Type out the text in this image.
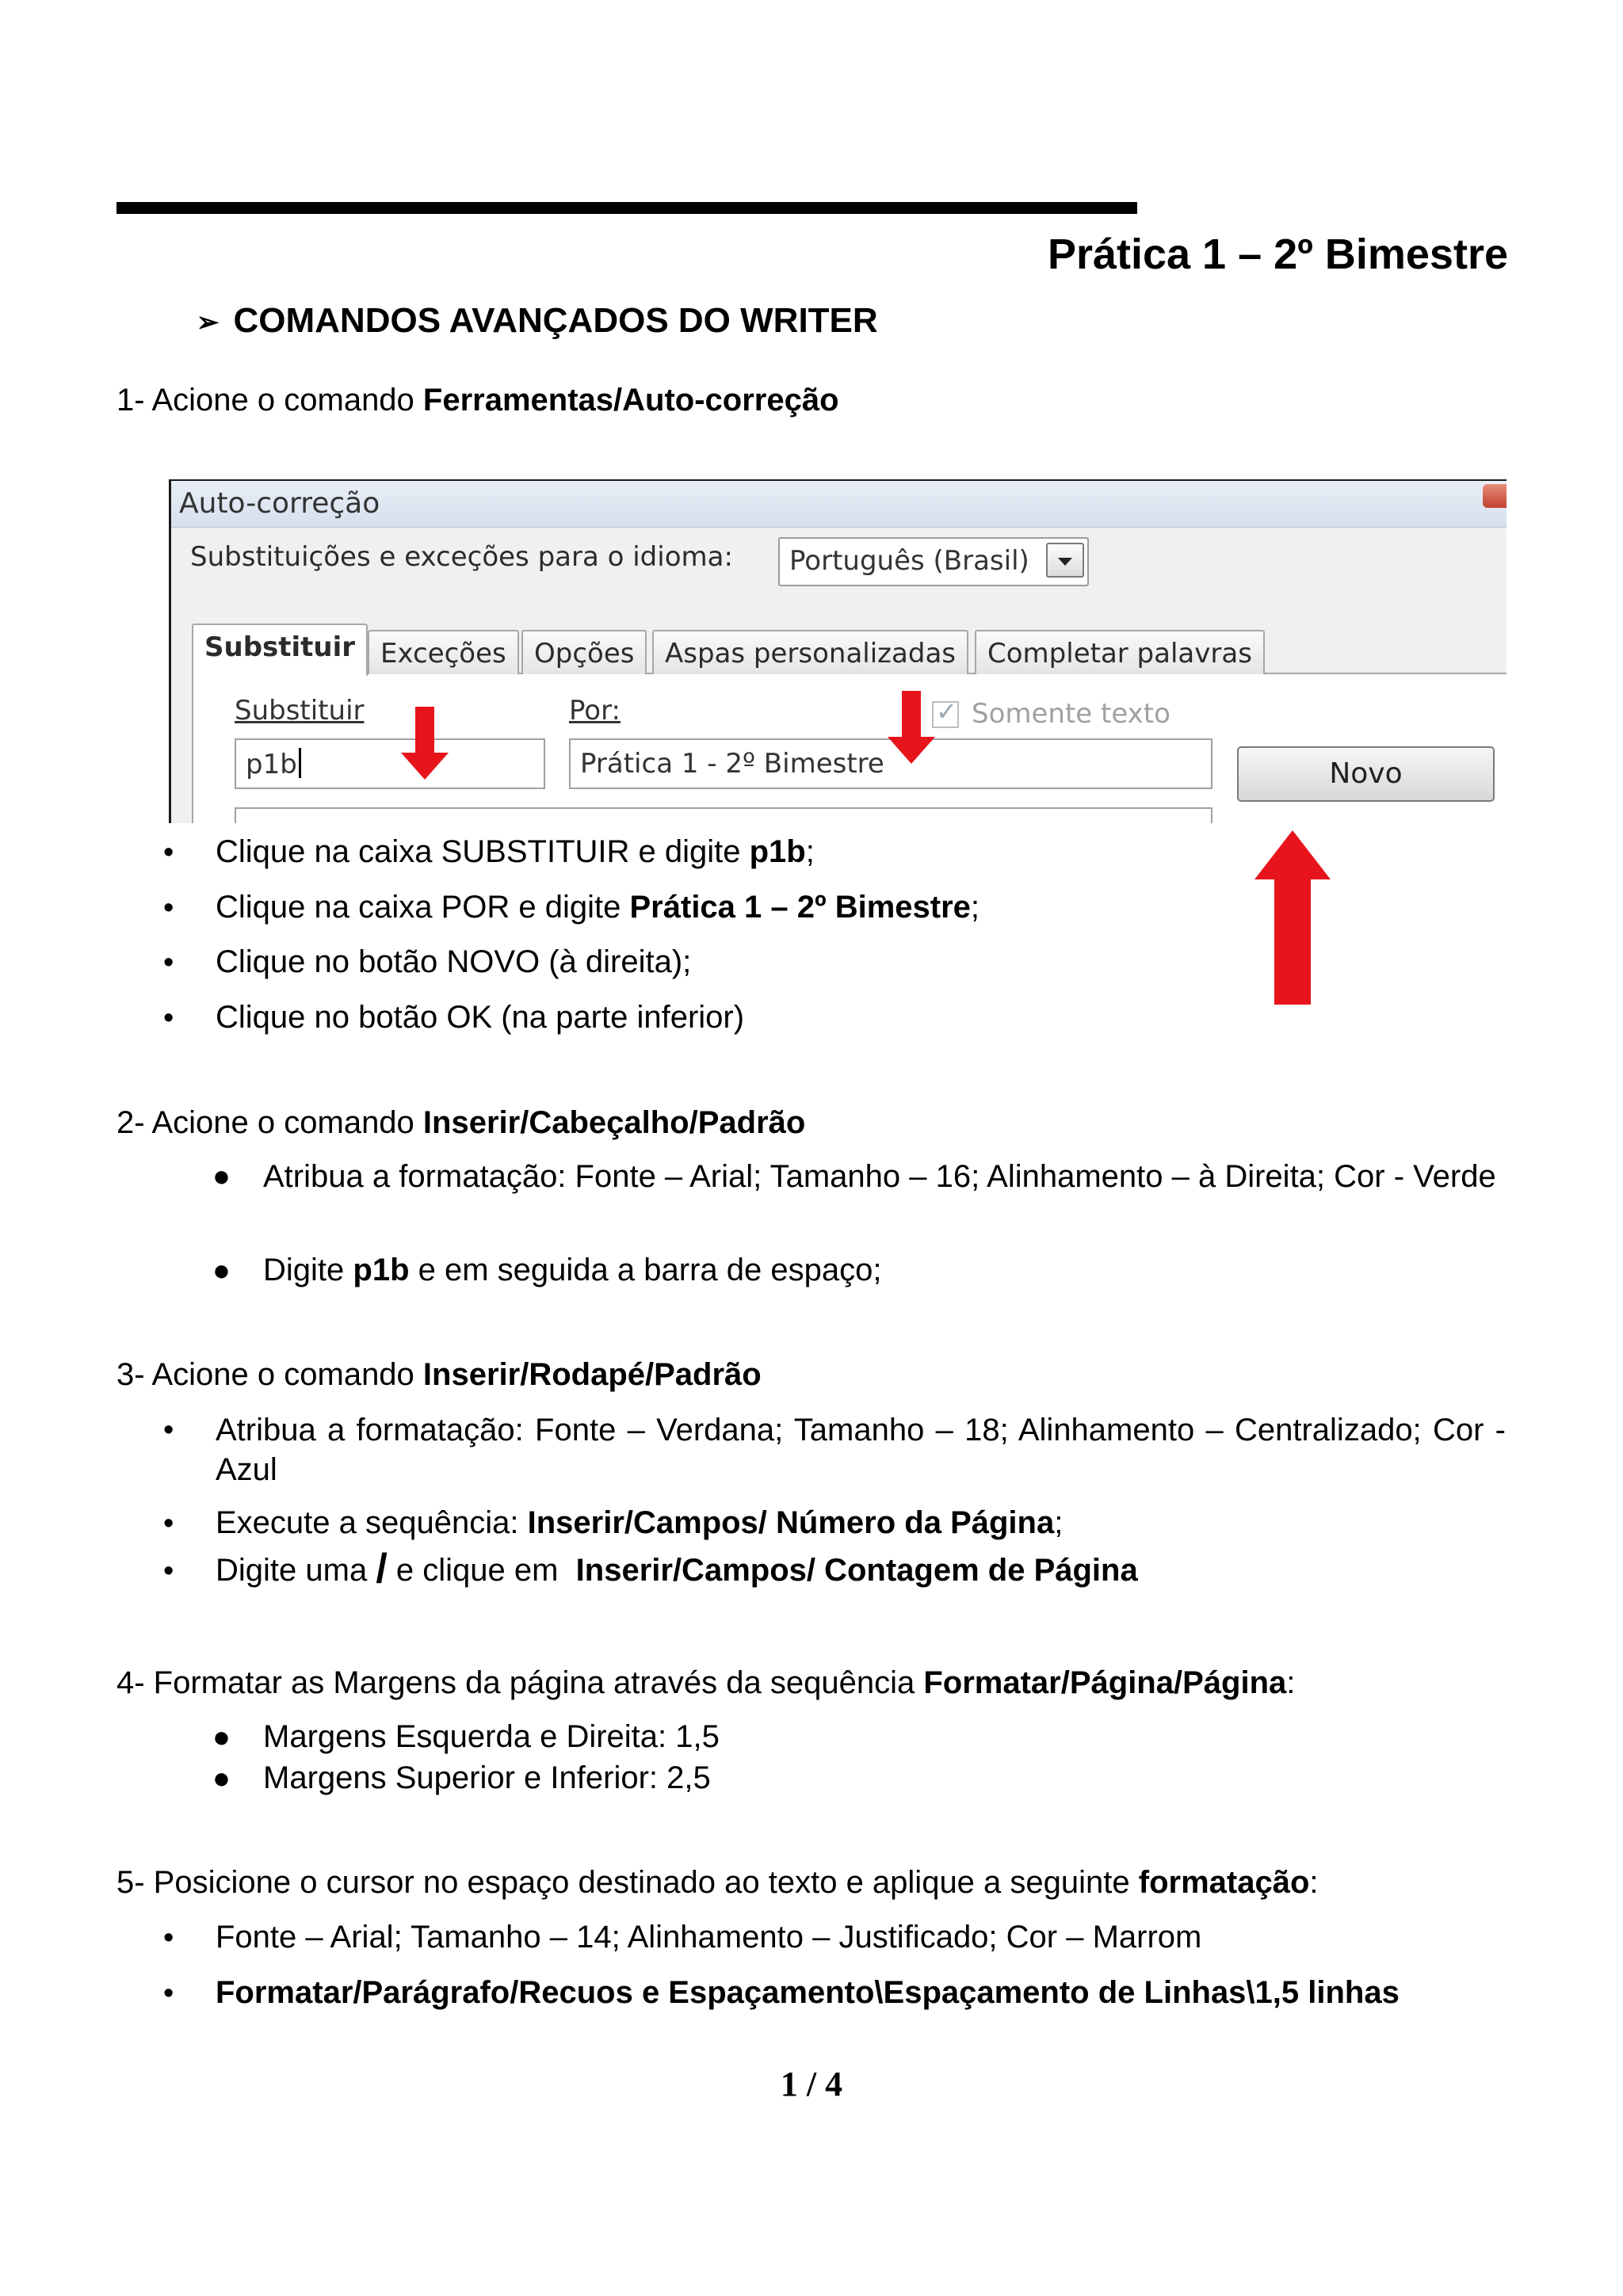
Prática 1 – 2º Bimestre
➢ COMANDOS AVANÇADOS DO WRITER
1- Acione o comando Ferramentas/Auto-correção
Auto-correção
Substituições e exceções para o idioma: Português (Brasil)
Substituir Exceções	Opções	Aspas personalizadas	Completar palavras
Substituir
p1b
Por:
Prática 1 - 2º Bimestre
✓ Somente texto
Novo
• Clique na caixa SUBSTITUIR e digite p1b;
• Clique na caixa POR e digite Prática 1 – 2º Bimestre;
• Clique no botão NOVO (à direita);
• Clique no botão OK (na parte inferior)
2- Acione o comando Inserir/Cabeçalho/Padrão
●	Atribua a formatação: Fonte – Arial; Tamanho – 16; Alinhamento – à Direita; Cor - Verde
● Digite p1b e em seguida a barra de espaço;
3- Acione o comando Inserir/Rodapé/Padrão
•	Atribua a formatação: Fonte – Verdana; Tamanho – 18; Alinhamento – Centralizado; Cor - Azul
• Execute a sequência: Inserir/Campos/ Número da Página;
• Digite uma / e clique em  Inserir/Campos/ Contagem de Página
4- Formatar as Margens da página através da sequência Formatar/Página/Página:
● Margens Esquerda e Direita: 1,5
● Margens Superior e Inferior: 2,5
5- Posicione o cursor no espaço destinado ao texto e aplique a seguinte formatação:
• Fonte – Arial; Tamanho – 14; Alinhamento – Justificado; Cor – Marrom
• Formatar/Parágrafo/Recuos e Espaçamento\Espaçamento de Linhas\1,5 linhas
1 / 4
